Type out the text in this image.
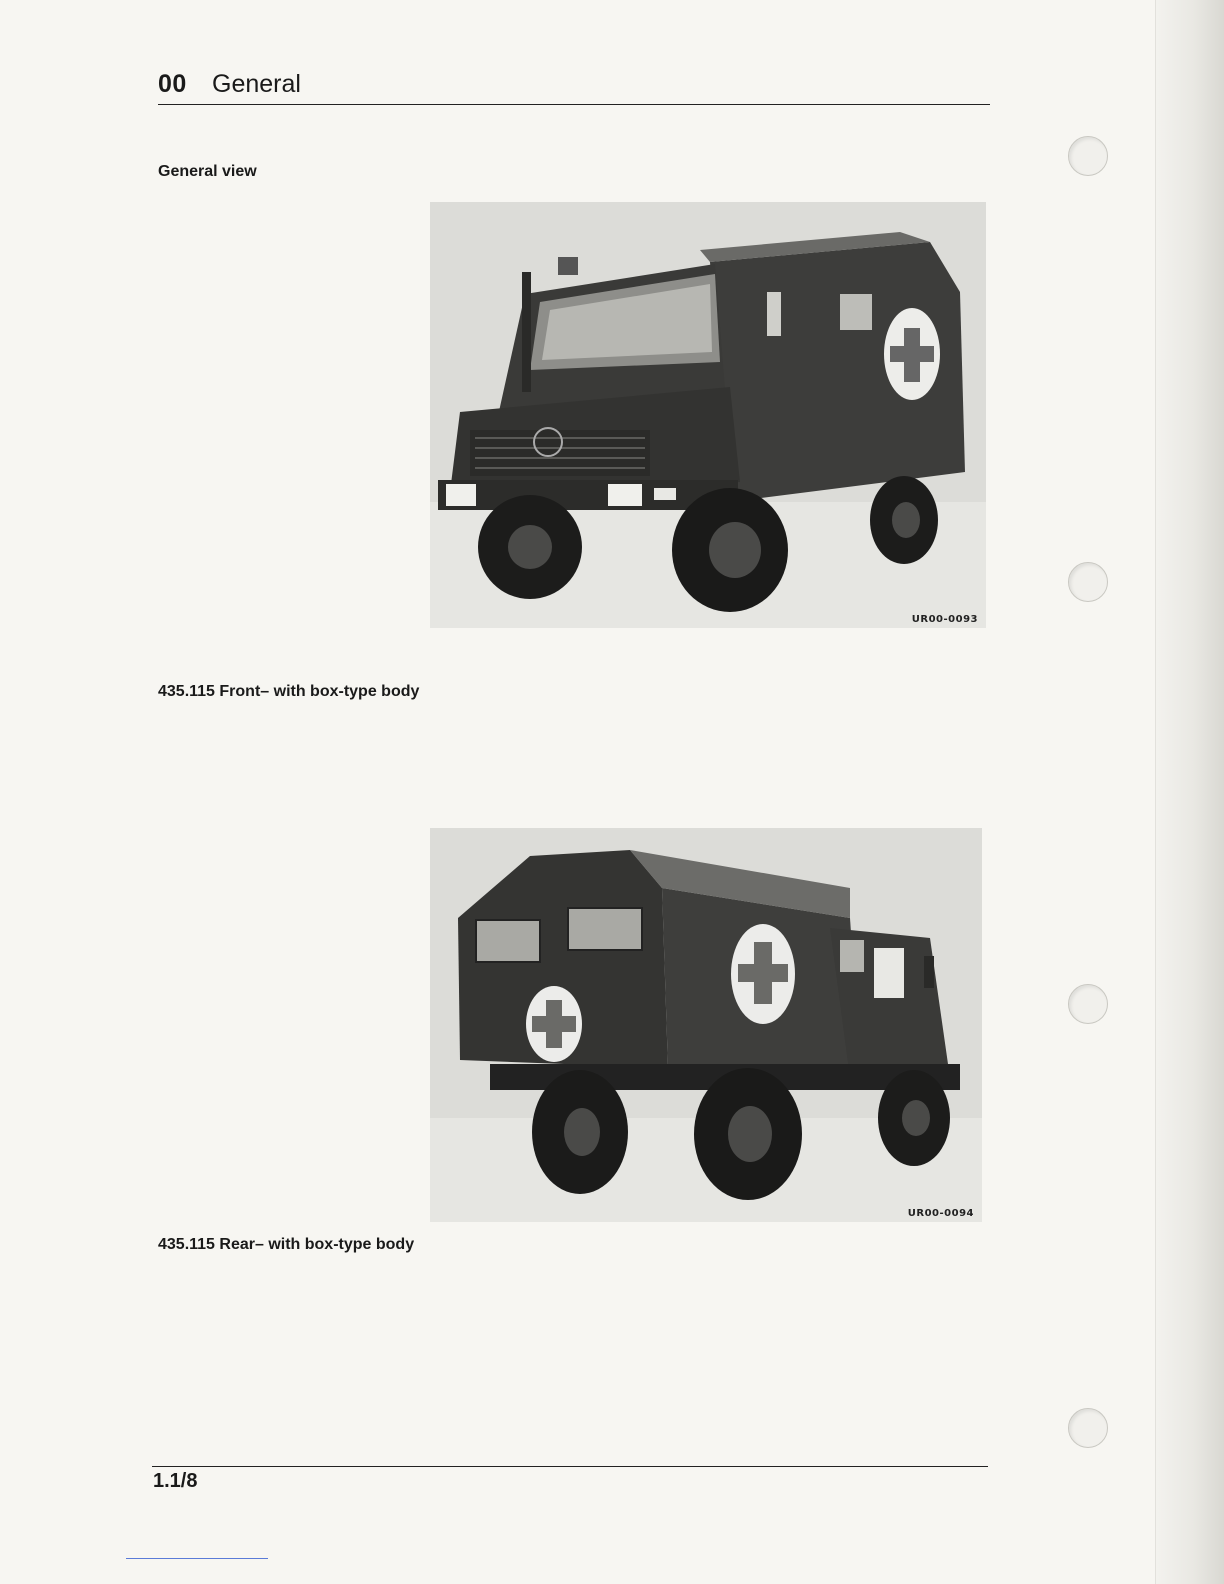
00 General
General view
UR00-0093
435.115 Front– with box-type body
UR00-0094
435.115 Rear– with box-type body
1.1/8
